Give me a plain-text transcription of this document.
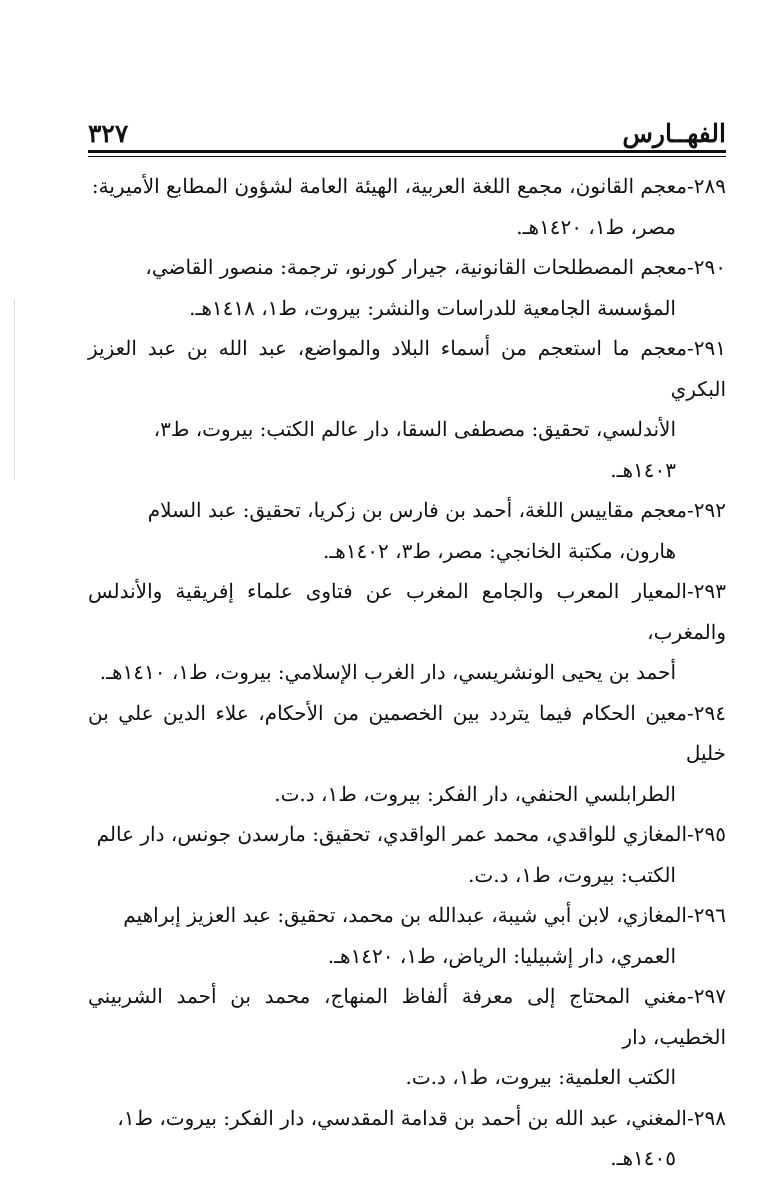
الفهــارس
٣٢٧

٢٨٩-معجم القانون، مجمع اللغة العربية، الهيئة العامة لشؤون المطابع الأميرية:
مصر، ط١، ١٤٢٠هـ.

٢٩٠-معجم المصطلحات القانونية، جيرار كورنو، ترجمة: منصور القاضي،
المؤسسة الجامعية للدراسات والنشر: بيروت، ط١، ١٤١٨هـ.

٢٩١-معجم ما استعجم من أسماء البلاد والمواضع، عبد الله بن عبد العزيز البكري
الأندلسي، تحقيق: مصطفى السقا، دار عالم الكتب: بيروت، ط٣،
١٤٠٣هـ.

٢٩٢-معجم مقاييس اللغة، أحمد بن فارس بن زكريا، تحقيق: عبد السلام
هارون، مكتبة الخانجي: مصر، ط٣، ١٤٠٢هـ.

٢٩٣-المعيار المعرب والجامع المغرب عن فتاوى علماء إفريقية والأندلس والمغرب،
أحمد بن يحيى الونشريسي، دار الغرب الإسلامي: بيروت، ط١، ١٤١٠هـ.

٢٩٤-معين الحكام فيما يتردد بين الخصمين من الأحكام، علاء الدين علي بن خليل
الطرابلسي الحنفي، دار الفكر: بيروت، ط١، د.ت.

٢٩٥-المغازي للواقدي، محمد عمر الواقدي، تحقيق: مارسدن جونس، دار عالم
الكتب: بيروت، ط١، د.ت.

٢٩٦-المغازي، لابن أبي شيبة، عبدالله بن محمد، تحقيق: عبد العزيز إبراهيم
العمري، دار إشبيليا: الرياض، ط١، ١٤٢٠هـ.

٢٩٧-مغني المحتاج إلى معرفة ألفاظ المنهاج، محمد بن أحمد الشربيني الخطيب، دار
الكتب العلمية: بيروت، ط١، د.ت.

٢٩٨-المغني، عبد الله بن أحمد بن قدامة المقدسي، دار الفكر: بيروت، ط١،
١٤٠٥هـ.
